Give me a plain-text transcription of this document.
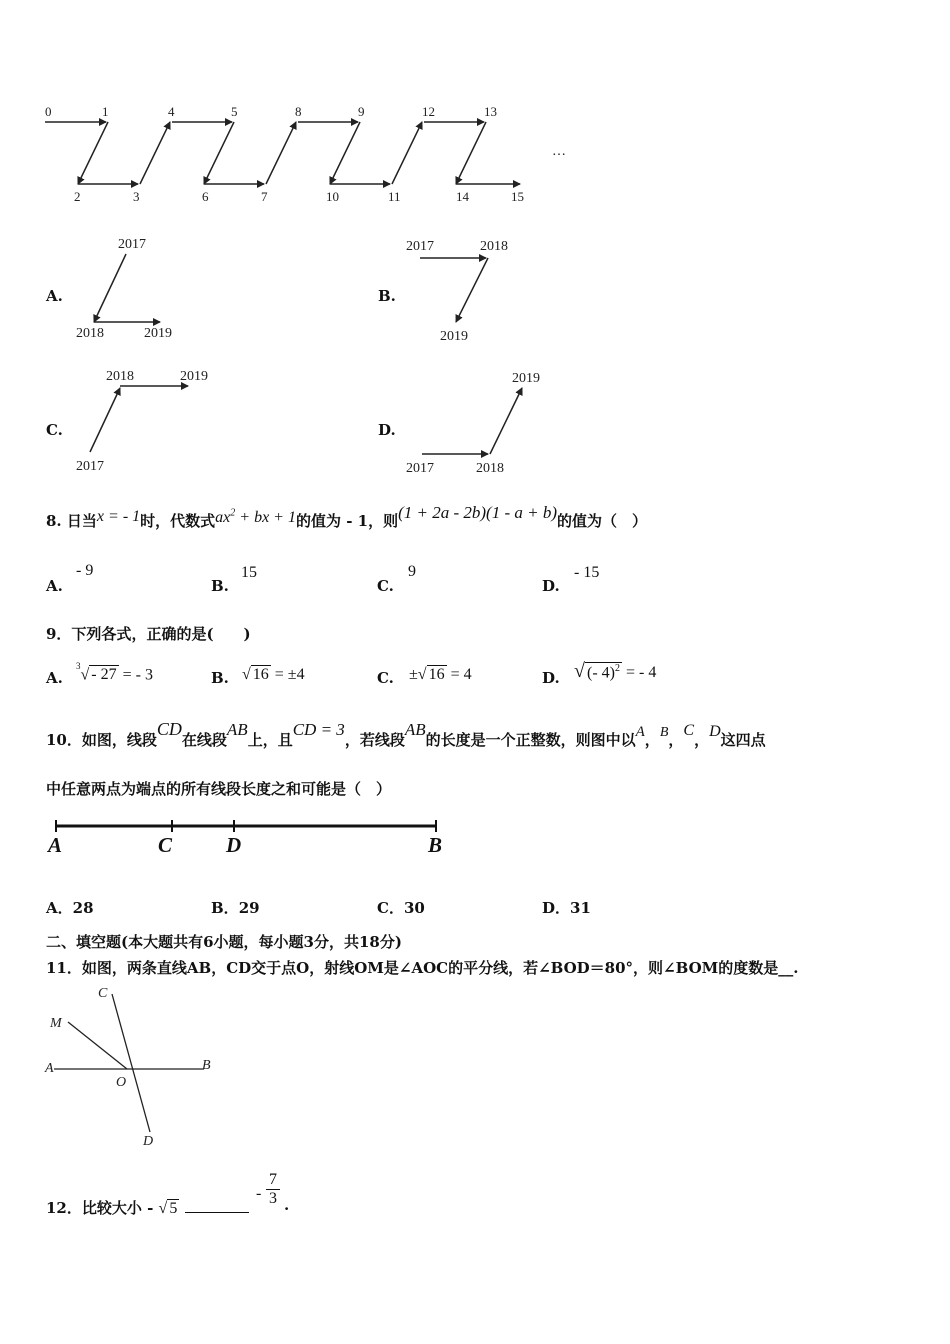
0	1	4	5	8	9	12	13
2	3	6	7	10	11	14	15
…
A.
2017
2018	2019
B.
2017	2018
2019
C.
2018	2019
2017
D.
2019
2017	2018
8. 日当x = - 1时，代数式$ax^2$ + bx + 1的值为 - 1，则(1 + 2a - 2b)(1 - a + b)的值为（　）
A.
- 9
B.
15
C.
9
D.
- 15
9．下列各式，正确的是(　　)
A.
$^3$√ - 27 = - 3	B. √ 16 = ±4	C. ±√ 16 = 4	D. √ (- 4)$^2$ = - 4
10．如图，线段CD在线段AB上，且CD = 3，若线段AB的长度是一个正整数，则图中以A，B，C，D这四点
中任意两点为端点的所有线段长度之和可能是（　）
A	C	D	B
A．28	B．29	C．30	D．31
二、填空题(本大题共有6小题，每小题3分，共18分)
11．如图，两条直线AB，CD交于点O，射线OM是∠AOC的平分线，若∠BOD＝80°，则∠BOM的度数是__.
C
M
A
O
B
D
12．比较大小 - √ 5
- $\frac{7}{3}$ .
